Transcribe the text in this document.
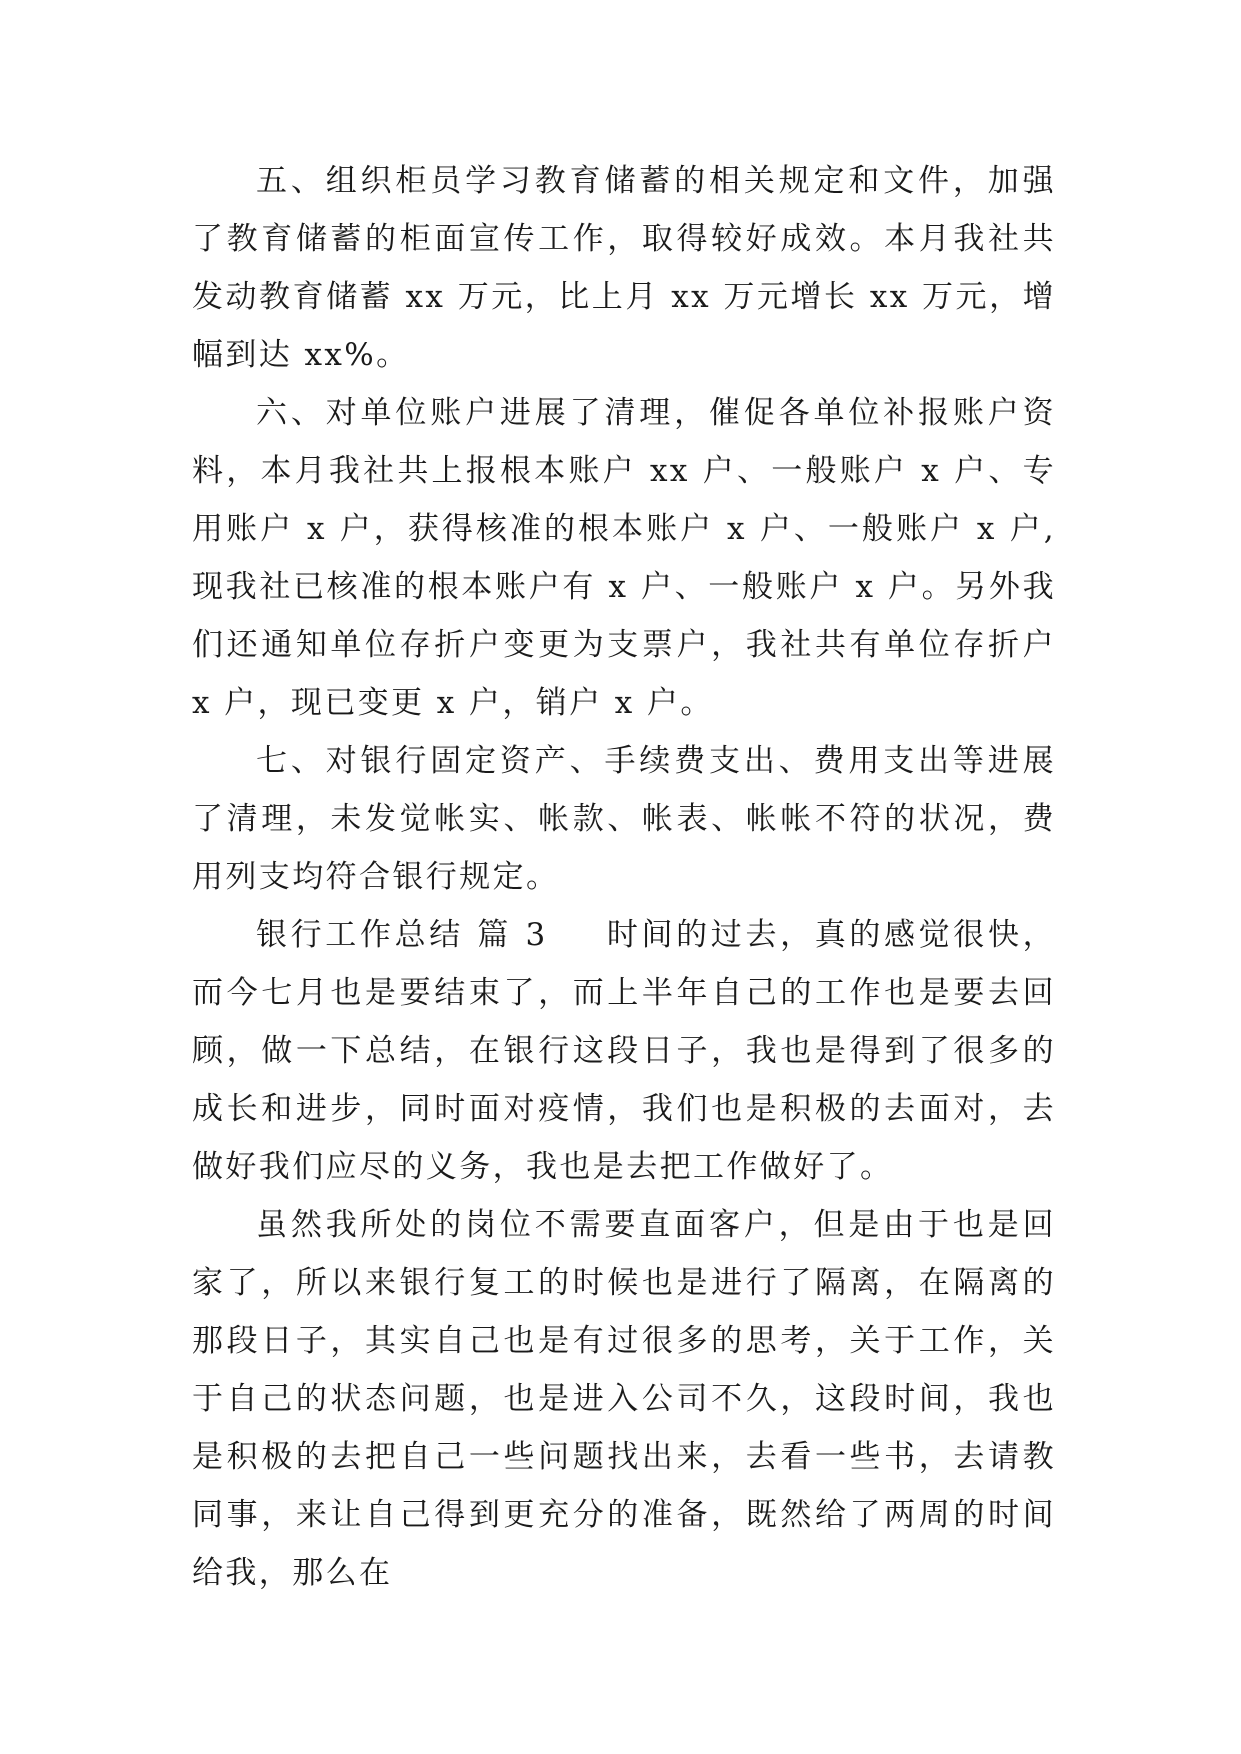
五、组织柜员学习教育储蓄的相关规定和文件，加强了教育储蓄的柜面宣传工作，取得较好成效。本月我社共发动教育储蓄 xx 万元，比上月 xx 万元增长 xx 万元，增幅到达 xx%。

六、对单位账户进展了清理，催促各单位补报账户资料，本月我社共上报根本账户 xx 户、一般账户 x 户、专用账户 x 户，获得核准的根本账户 x 户、一般账户 x 户,现我社已核准的根本账户有 x 户、一般账户 x 户。另外我们还通知单位存折户变更为支票户，我社共有单位存折户 x 户，现已变更 x 户，销户 x 户。

七、对银行固定资产、手续费支出、费用支出等进展了清理，未发觉帐实、帐款、帐表、帐帐不符的状况，费用列支均符合银行规定。

银行工作总结 篇 3 时间的过去，真的感觉很快，而今七月也是要结束了，而上半年自己的工作也是要去回顾，做一下总结，在银行这段日子，我也是得到了很多的成长和进步，同时面对疫情，我们也是积极的去面对，去做好我们应尽的义务，我也是去把工作做好了。

虽然我所处的岗位不需要直面客户，但是由于也是回家了，所以来银行复工的时候也是进行了隔离，在隔离的那段日子，其实自己也是有过很多的思考，关于工作，关于自己的状态问题，也是进入公司不久，这段时间，我也是积极的去把自己一些问题找出来，去看一些书，去请教同事，来让自己得到更充分的准备，既然给了两周的时间给我，那么在
